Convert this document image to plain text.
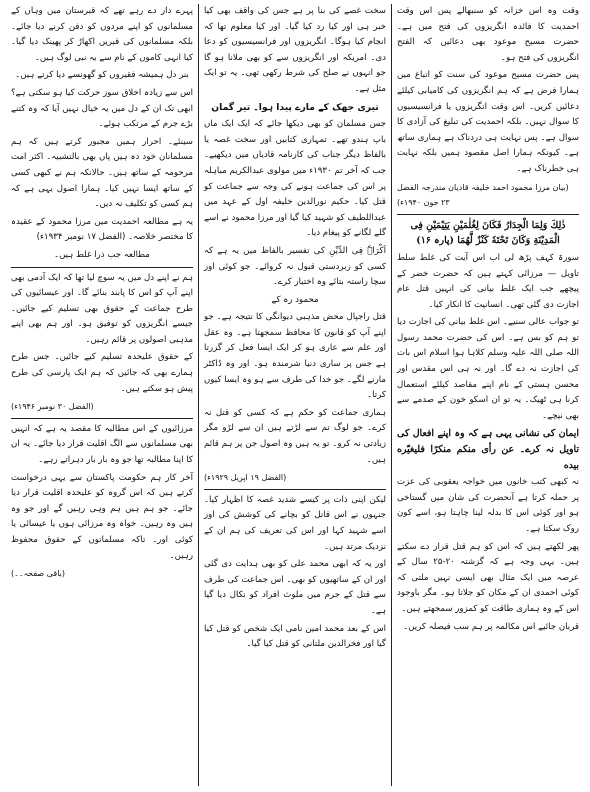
وقت وہ اس خزانہ کو سنبھالے پس اس وقت احمدیت کا فائدہ انگریزوں کی فتح میں ہے۔ حضرت مسیح موعود بھی دعائیں کہ الفتح انگریزوں کی فتح ہو۔

پس حضرت مسیح موعود کی سنت کو اتباع میں ہمارا فرض ہے کہ ہم انگریزوں کی کامیابی کیلئے دعائیں کریں۔ اس وقت انگریزوں یا فرانسیسیوں کا سوال نہیں۔ بلکہ احمدیت کی تبلیغ کی آزادی کا سوال ہے۔ پس نہایت ہی دردناک ہے ہماری ساتھ ہے۔ کیونکہ ہمارا اصل مقصود ہمیں بلکہ نہایت ہی خطرناک ہے۔

(بیان مرزا محمود احمد خلیفہ قادیان مندرجہ الفضل ۲۳ جون ۱۹۴۰ء)

ذٰلِكَ وَلِمَا الْجِدَارُ فَكَانَ لِغُلٰمَیْنِ یَتِیْمَیْنِ فِی الْمَدِیْنَةِ وَكَانَ تَحْتَهٗ كَنْزٌ لَّهُمَا (پارہ ۱۶)

سورۃ کہف پڑھ لی اب اس آیت کی غلط سلط تاویل — مرزائی کہتے ہیں کہ حضرت خضر کے پیچھے جب ایک غلط بیانی کی انہیں قتل عام اجازت دی گئی تھی۔ انسانیت کا انکار کیا۔

تو جواب عالی سنیے۔ اس غلط بیانی کی اجازت دیا تو ہم کو بس ہے۔ اس کی حضرت محمد رسول اللہ صلی اللہ علیہ وسلم کلاہا ہوا اسلام اس بات کی اجازت نہ دے گا۔ اور نہ ہی اس مقدس اور محسن ہستی کے نام اپنے مقاصد کیلئے استعمال کرنا ہی ٹھیک۔ یہ تو ان اسکو خون کے صدمے سے بھی نیچے۔

ایمان کی نشانی یہی ہے کہ وہ اپنے افعال کی تاویل نہ کرے۔ عن رأى منكم منكرًا فليغيّره بيده

نہ کبھی کتب خانوں میں خواجہ یعقوبی کی عزت پر حملہ کرتا ہے آنحضرت کی شان میں گستاخی ہو اور کوئی اس کا بدلہ لینا چاہتا ہو، اسے کون روک سکتا ہے۔

پھر لکھتے ہیں کہ اس کو ہم قتل قرار دے سکتے ہیں۔ یہی وجہ ہے کہ گزشتہ ۲۰-۲۵ سال کے عرصہ میں ایک مثال بھی ایسی نہیں ملتی کہ کوئی احمدی ان کے مکان کو جلاتا ہو۔ مگر باوجود اس کے وہ ہماری طاقت کو کمزور سمجھتے ہیں۔

قربان جائیے اس مکالمہ پر ہم سب فیصلہ کریں۔

سخت غصے کی بنا پر ہے جس کی واقف بھی کیا خبر ہی اور کیا رد کیا گیا۔ اور کیا معلوم تھا کہ انجام کیا ہوگا۔ انگریزوں اور فرانسیسیوں کو دعا دی۔ امریکہ اور انگریزوں سے کو بھی ملانا ہو گا جو انہوں نے صلح کی شرط رکھی تھی۔ یہ تو ایک مثل ہے۔

تیری جھک کے مارے پیدا ہوا۔ تیر گمان

جس مسلمان کو بھی دیکھا جائے کہ ایک ایک ماں باپ ہندو تھے۔ تمہاری کتابیں اور سخت غصہ یا بالفاظ دیگر جناب کی کارنامہ قادیاں میں دیکھیے۔ جب کہ آخر تم ۱۹۳۰ء میں مولوی عبدالکریم مباہلہ پر اس کی جماعت ہونے کی وجہ سے جماعت کو قتل کیا۔ حکیم نورالدین خلیفہ اول کے عہد میں عبداللطیف کو شہید کیا گیا اور مرزا محمود نے اسے گلے لگانے کو پیغام دیا۔

اَکْرَاہٗ فِی الدِّیْنِ کی تفسیر بالفاظ میں یہ ہے کہ کسی کو زبردستی قبول نہ کروائے۔ جو کوئی اور سچا راستہ بتائے وہ اختیار کرے۔

محمود رہ کے

قتل راجپال محض مذہبی دیوانگی کا نتیجہ ہے۔ جو اپنے آپ کو قانون کا محافظ سمجھتا ہے۔ وہ عقل اور علم سے عاری ہو کر ایک ایسا فعل کر گزرتا ہے جس پر ساری دنیا شرمندہ ہو۔ اور وہ ڈاکٹر مارنے لگے۔ جو خدا کی طرف سے ہو وہ ایسا کیوں کرتا۔

ہماری جماعت کو حکم ہے کہ کسی کو قتل نہ کرے۔ جو لوگ تم سے لڑتے ہیں ان سے لڑو مگر زیادتی نہ کرو۔ تو یہ ہیں وہ اصول جن پر ہم قائم ہیں۔

(الفضل ۱۹ اپریل ۱۹۲۹ء)

لیکن اپنی ذات پر کیسے شدید غصہ کا اظہار کیا۔ جنہوں نے اس قاتل کو بچانے کی کوشش کی اور اسے شہید کہا اور اس کی تعریف کی ہم ان کے نزدیک مرتد ہیں۔

اور یہ کہ ابھی محمد علی کو بھی ہدایت دی گئی اور ان کے ساتھیوں کو بھی۔ اس جماعت کی طرف سے قتل کے جرم میں ملوث افراد کو نکال دیا گیا ہے۔

اس کے بعد محمد امین نامی ایک شخص کو قتل کیا گیا اور فخرالدین ملتانی کو قتل کیا گیا۔

پہرے دار دے رہے تھے کہ قبرستان میں وہاں کے مسلمانوں کو اپنے مردوں کو دفن کرنے دیا جائے۔ بلکہ مسلمانوں کی قبریں اکھاڑ کر پھینک دیا گیا۔ کیا انہی کاموں کے نام سے یہ نبی لوگ ہیں۔

بنر دل ہمیشہ فقیروں کو گھونسے دیا کرتے ہیں۔

اس سے زیادہ اخلاق سوز حرکت کیا ہو سکتی ہے؟ ابھی تک ان کے دل میں یہ خیال نہیں آیا کہ وہ کتنے بڑے جرم کے مرتکب ہوئے۔

سینئے۔ احرار ہمیں مجبور کرتے ہیں کہ ہم مسلمانان خود دہ ہیں پاں بھی بالتشبیہ۔ اکثر امت مرحومہ کے ساتھ ہیں۔ حالانکہ ہم نے کبھی کسی کے ساتھ ایسا نہیں کیا۔ ہمارا اصول یہی ہے کہ ہم کسی کو تکلیف نہ دیں۔

یہ ہے مطالعہ احمدیت میں مرزا محمود کے عقیدہ کا مختصر خلاصہ۔ (الفضل ۱۷ نومبر ۱۹۳۴ء)

مطالعہ جب ذرا غلط ہیں۔

ہم نے اپنے دل میں یہ سوچ لیا تھا کہ ایک آدمی بھی اپنے آپ کو اس کا پابند بنائے گا۔ اور عیسائیوں کی طرح جماعت کے حقوق بھی تسلیم کیے جائیں۔ جیسے انگریزوں کو توفیق ہو۔ اور ہم بھی اپنے مذہبی اصولوں پر قائم رہیں۔

کے حقوق علیحدہ تسلیم کیے جائیں۔ جس طرح ہمارے بھی کہ جائیں کہ ہم ایک پارسی کی طرح پیش ہو سکتے ہیں۔

(الفضل ۳۰ نومبر ۱۹۴۶ء)

مرزائیوں کے اس مطالبہ کا مقصد یہ ہے کہ انہیں بھی مسلمانوں سے الگ اقلیت قرار دیا جائے۔ یہ ان کا اپنا مطالبہ تھا جو وہ بار بار دہراتے رہے۔

آخر کار ہم حکومت پاکستان سے یہی درخواست کرتے ہیں کہ اس گروہ کو علیحدہ اقلیت قرار دیا جائے۔ جو ہم ہیں ہم وہی رہیں گے اور جو وہ ہیں وہ رہیں۔ خواہ وہ مرزائی ہوں یا عیسائی یا کوئی اور۔ تاکہ مسلمانوں کے حقوق محفوظ رہیں۔

(باقی صفحہ۔۔)
